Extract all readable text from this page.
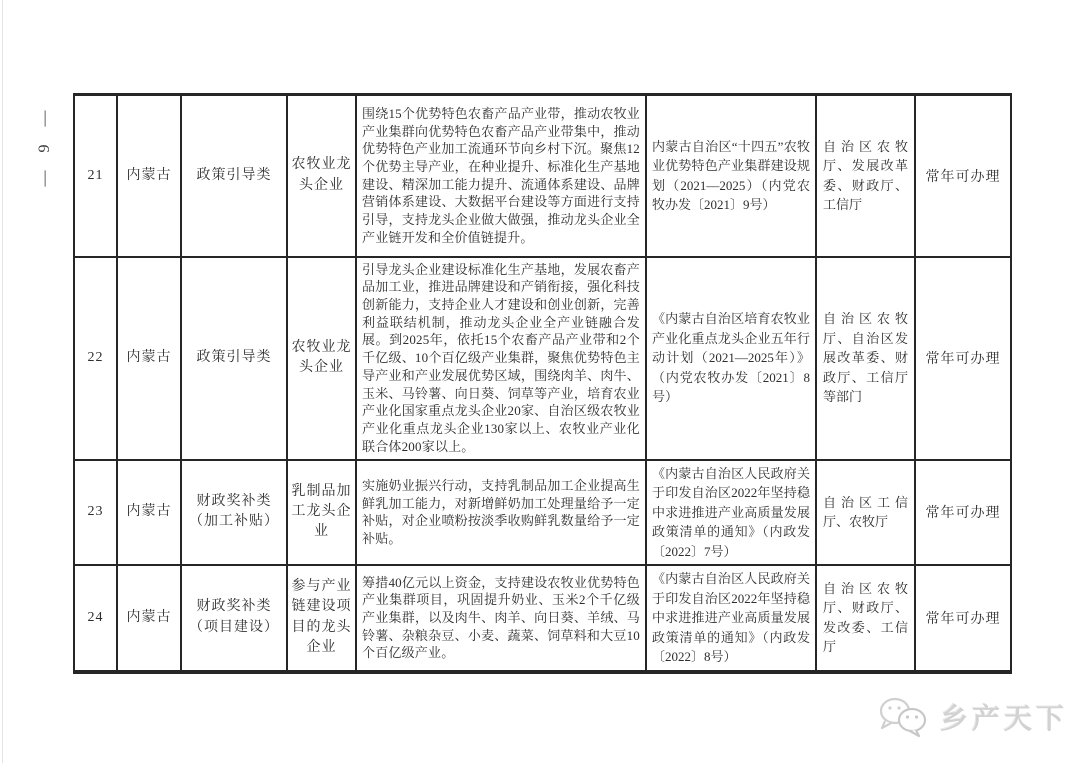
— 9 — 21	内蒙古	政策引导类	农牧业龙头企业	围绕15个优势特色农畜产品产业带，推动农牧业产业集群向优势特色农畜产品产业带集中，推动优势特色产业加工流通环节向乡村下沉。聚焦12个优势主导产业，在种业提升、标准化生产基地建设、精深加工能力提升、流通体系建设、品牌营销体系建设、大数据平台建设等方面进行支持引导，支持龙头企业做大做强，推动龙头企业全产业链开发和全价值链提升。	内蒙古自治区“十四五”农牧业优势特色产业集群建设规划（2021—2025）（内党农牧办发〔2021〕9号）	自治区农牧厅、发展改革委、财政厅、工信厅	常年可办理
22	内蒙古	政策引导类	农牧业龙头企业	引导龙头企业建设标准化生产基地，发展农畜产品加工业，推进品牌建设和产销衔接，强化科技创新能力，支持企业人才建设和创业创新，完善利益联结机制，推动龙头企业全产业链融合发展。到2025年，依托15个农畜产品产业带和2个千亿级、10个百亿级产业集群，聚焦优势特色主导产业和产业发展优势区域，围绕肉羊、肉牛、玉米、马铃薯、向日葵、饲草等产业，培育农业产业化国家重点龙头企业20家、自治区级农牧业产业化重点龙头企业130家以上、农牧业产业化联合体200家以上。	《内蒙古自治区培育农牧业产业化重点龙头企业五年行动计划（2021—2025年）》（内党农牧办发〔2021〕8号）	自治区农牧厅、自治区发展改革委、财政厅、工信厅等部门	常年可办理
23	内蒙古	财政奖补类（加工补贴）	乳制品加工龙头企业	实施奶业振兴行动，支持乳制品加工企业提高生鲜乳加工能力，对新增鲜奶加工处理量给予一定补贴，对企业喷粉按淡季收购鲜乳数量给予一定补贴。	《内蒙古自治区人民政府关于印发自治区2022年坚持稳中求进推进产业高质量发展政策清单的通知》（内政发〔2022〕7号）	自治区工信厅、农牧厅	常年可办理
24	内蒙古	财政奖补类（项目建设）	参与产业链建设项目的龙头企业	筹措40亿元以上资金，支持建设农牧业优势特色产业集群项目，巩固提升奶业、玉米2个千亿级产业集群，以及肉牛、肉羊、向日葵、羊绒、马铃薯、杂粮杂豆、小麦、蔬菜、饲草料和大豆10个百亿级产业。	《内蒙古自治区人民政府关于印发自治区2022年坚持稳中求进推进产业高质量发展政策清单的通知》（内政发〔2022〕8号）	自治区农牧厅、财政厅、发改委、工信厅	常年可办理
乡产天下
